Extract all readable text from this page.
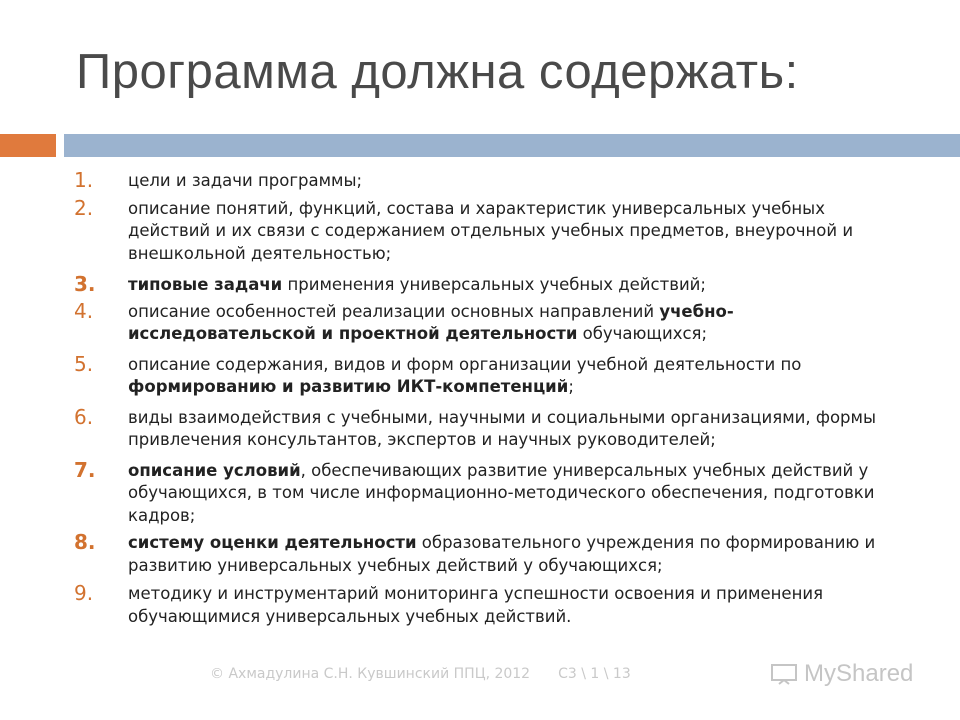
Программа должна содержать:
1. цели и задачи программы;
2. описание понятий, функций, состава и характеристик универсальных учебных действий и их связи с содержанием отдельных учебных предметов, внеурочной и внешкольной деятельностью;
3. типовые задачи применения универсальных учебных действий;
4. описание особенностей реализации основных направлений учебно-исследовательской и проектной деятельности обучающихся;
5. описание содержания, видов и форм организации учебной деятельности по формированию и развитию ИКТ-компетенций;
6. виды взаимодействия с учебными, научными и социальными организациями, формы привлечения консультантов, экспертов и научных руководителей;
7. описание условий, обеспечивающих развитие универсальных учебных действий у обучающихся, в том числе информационно-методического обеспечения, подготовки кадров;
8. систему оценки деятельности образовательного учреждения по формированию и развитию универсальных учебных действий у обучающихся;
9. методику и инструментарий мониторинга успешности освоения и применения обучающимися универсальных учебных действий.
© Ахмадулина С.Н. Кувшинский ППЦ, 2012 С3 \ 1 \ 13	MyShared
